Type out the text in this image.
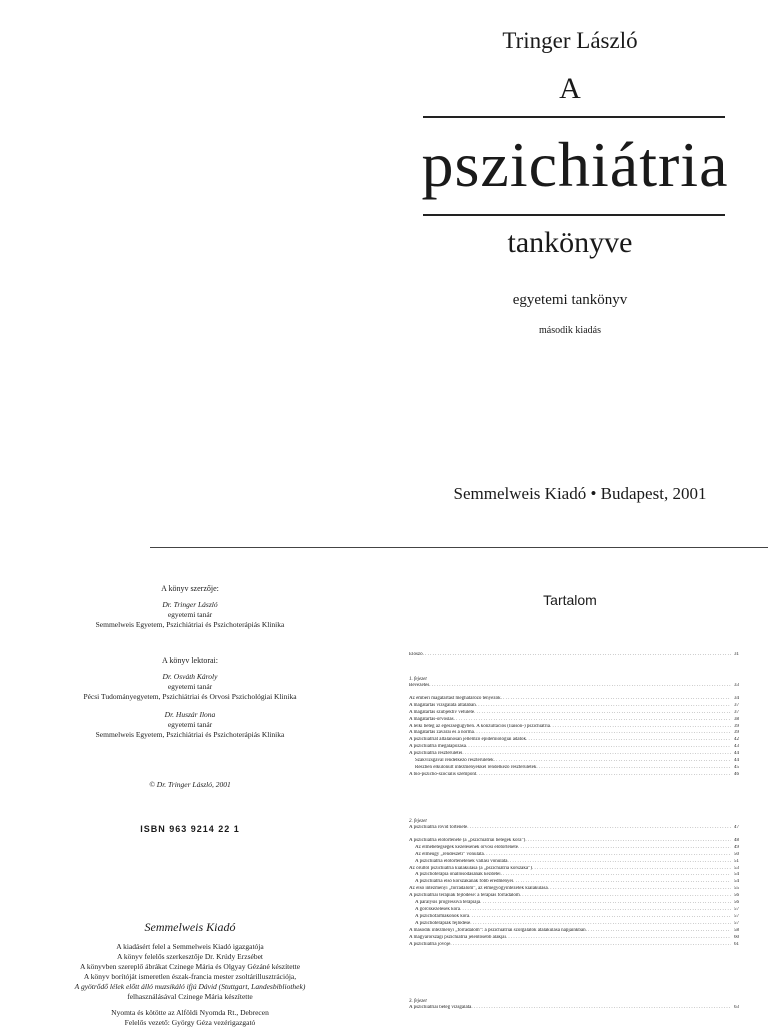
Tringer László
A
pszichiátria
tankönyve
egyetemi tankönyv
második kiadás
Semmelweis Kiadó • Budapest, 2001
A könyv szerzője:
Dr. Tringer László
egyetemi tanár
Semmelweis Egyetem, Pszichiátriai és Pszichoterápiás Klinika
A könyv lektorai:
Dr. Osváth Károly
egyetemi tanár
Pécsi Tudományegyetem, Pszichiátriai és Orvosi Pszichológiai Klinika
Dr. Huszár Ilona
egyetemi tanár
Semmelweis Egyetem, Pszichiátriai és Pszichoterápiás Klinika
© Dr. Tringer László, 2001
ISBN 963 9214 22 1
Semmelweis Kiadó
A kiadásért felel a Semmelweis Kiadó igazgatója
A könyv felelős szerkesztője Dr. Krúdy Erzsébet
A könyvben szereplő ábrákat Czinege Mária és Olgyay Gézáné készítette
A könyv borítóját ismeretlen észak-francia mester zsoltárillusztrációja,
A gyötrődő lélek előtt álló muzsikáló ifjú Dávid (Stuttgart, Landesbibliothek)
felhasználásával Czinege Mária készítette
Nyomta és kötötte az Alföldi Nyomda Rt., Debrecen
Felelős vezető: György Géza vezérigazgató
Tartalom
Előszó . . .	31
1. fejezet
Bevezetés . . .	33
Az emberi magatartást meghatározó tényezők . . .	34
A magatartás vizsgálata általában . . .	37
A magatartás szubjektív vetülete . . .	37
A magatartás-orvoslás . . .	38
A lelki beteg az egészségügyben. A konzultációs (liaison-) pszichiátria . . .	39
A magatartás zavarai és a norma . . .	39
A pszichiátriát általánosan jellemző epidemiológiai adatok . . .	42
A pszichiátria megalapozása . . .	43
A pszichiátria részterületei . . .	44
Szakvizsgával rendelkező részterületek . . .	44
Részben elkülönült intézményekkel rendelkező részterületek . . .	45
A bio-pszicho-szociális szempont . . .	46
2. fejezet
A pszichiátria rövid története . . .	47
A pszichiátria előtörténete (a „pszichiátriai betegek kora”) . . .	48
Az elmebetegségek kezelésének orvosi előtörténete . . .	49
Az elmeügy „rendészeti” vonulata . . .	50
A pszichiátria előtörténetének vallási vonulata . . .	51
Az őrültől pszichiátria kialakulása (a „pszichiátria korszaka”) . . .	53
A pszichoterápia önállósodásának kezdetei . . .	54
A pszichiátria első korszakának főbb eredményei . . .	54
Az első intézményi „forradalom”, az elmegyógyintézetek kialakulása . . .	55
A pszichiátriai terápiák fejlődése: a terápiás forradalom . . .	56
A paralysis progressiva terápiája . . .	56
A görcskezelések kora . . .	57
A pszichofarmakonok kora . . .	57
A pszichoterápiák fejlődése . . .	57
A második intézményi „forradalom”: a pszichiátriai szolgálatok átalakulása napjainkban . . .	58
A magyarországi pszichiátria jelentősebb alakjai . . .	60
A pszichiátria jövője . . .	61
3. fejezet
A pszichiátriai beteg vizsgálata . . .	63
